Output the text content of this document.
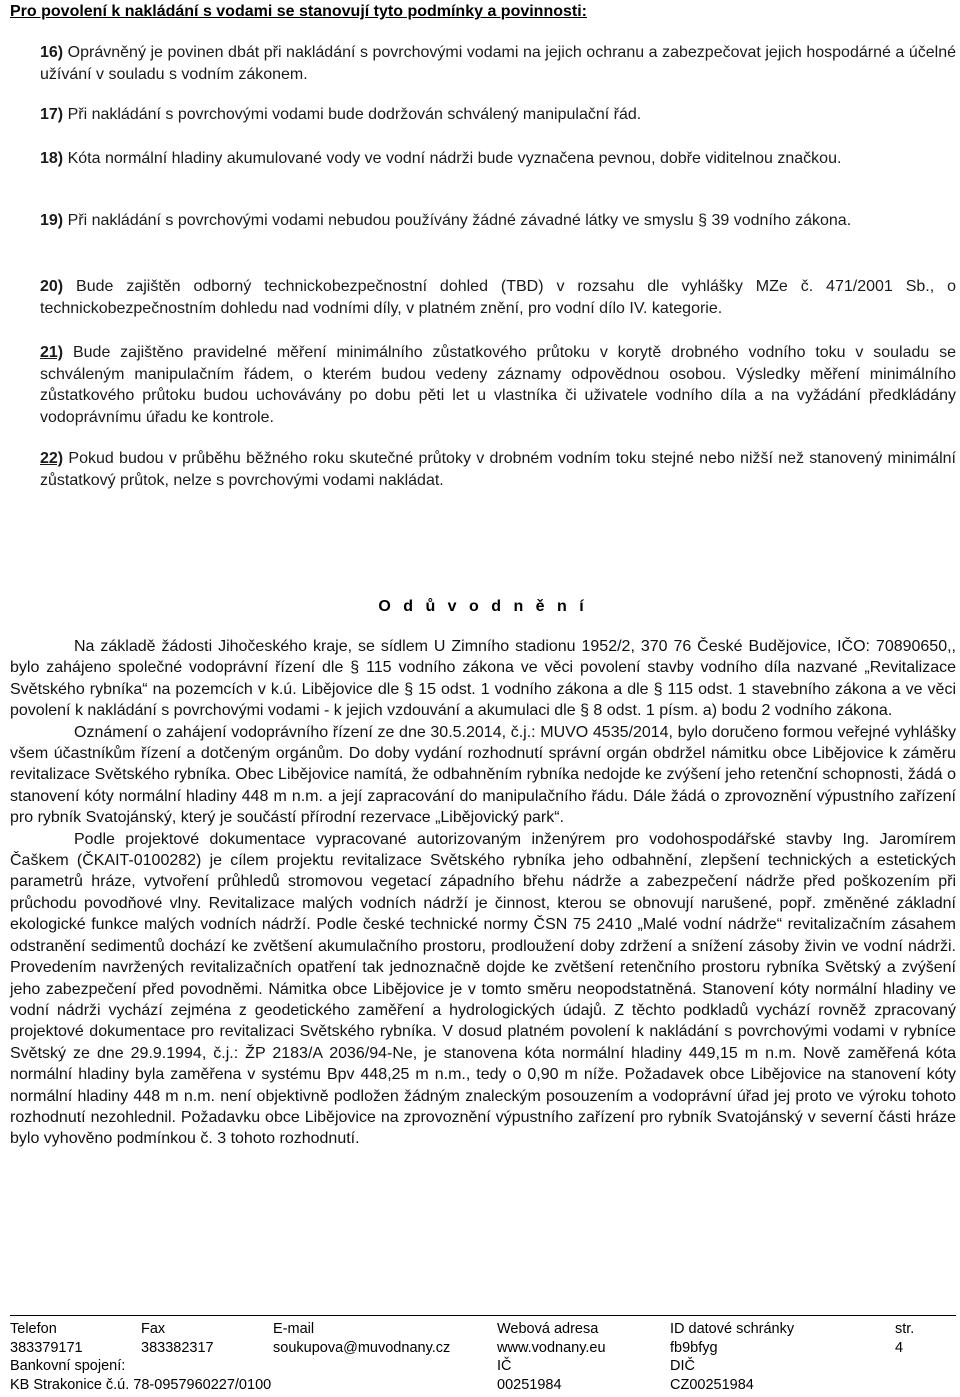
Pro povolení k nakládání s vodami se stanovují tyto podmínky a povinnosti:
16) Oprávněný je povinen dbát při nakládání s povrchovými vodami na jejich ochranu a zabezpečovat jejich hospodárné a účelné užívání v souladu s vodním zákonem.
17) Při nakládání s povrchovými vodami bude dodržován schválený manipulační řád.
18) Kóta normální hladiny akumulované vody ve vodní nádrži bude vyznačena pevnou, dobře viditelnou značkou.
19) Při nakládání s povrchovými vodami nebudou používány žádné závadné látky ve smyslu § 39 vodního zákona.
20) Bude zajištěn odborný technickobezpečnostní dohled (TBD) v rozsahu dle vyhlášky MZe č. 471/2001 Sb., o technickobezpečnostním dohledu nad vodními díly, v platném znění, pro vodní dílo IV. kategorie.
21) Bude zajištěno pravidelné měření minimálního zůstatkového průtoku v korytě drobného vodního toku v souladu se schváleným manipulačním řádem, o kterém budou vedeny záznamy odpovědnou osobou. Výsledky měření minimálního zůstatkového průtoku budou uchovávány po dobu pěti let u vlastníka či uživatele vodního díla a na vyžádání předkládány vodoprávnímu úřadu ke kontrole.
22) Pokud budou v průběhu běžného roku skutečné průtoky v drobném vodním toku stejné nebo nižší než stanovený minimální zůstatkový průtok, nelze s povrchovými vodami nakládat.
O d ů v o d n ě n í

Na základě žádosti Jihočeského kraje, se sídlem U Zimního stadionu 1952/2, 370 76 České Budějovice, IČO: 70890650,, bylo zahájeno společné vodoprávní řízení dle § 115 vodního zákona ve věci povolení stavby vodního díla nazvané „Revitalizace Světského rybníka“ na pozemcích v k.ú. Liběјovice dle § 15 odst. 1 vodního zákona a dle § 115 odst. 1 stavebního zákona a ve věci povolení k nakládání s povrchovými vodami - k jejich vzdouvání a akumulaci dle § 8 odst. 1 písm. a) bodu 2 vodního zákona.

Oznámení o zahájení vodoprávního řízení ze dne 30.5.2014, č.j.: MUVO 4535/2014, bylo doručeno formou veřejné vyhlášky všem účastníkům řízení a dotčeným orgánům. Do doby vydání rozhodnutí správní orgán obdržel námitku obce Liběјovice k záměru revitalizace Světského rybníka. Obec Liběјovice namítá, že odbahněním rybníka nedojde ke zvýšení jeho retenční schopnosti, žádá o stanovení kóty normální hladiny 448 m n.m. a její zapracování do manipulačního řádu. Dále žádá o zprovoznění výpustního zařízení pro rybník Svatojánský, který je součástí přírodní rezervace „Liběјovický park“.

Podle projektové dokumentace vypracované autorizovaným inženýrem pro vodohospodářské stavby Ing. Jaromírem Čaškem (ČKAIT-0100282) je cílem projektu revitalizace Světského rybníka jeho odbahnění, zlepšení technických a estetických parametrů hráze, vytvoření průhledů stromovou vegetací západního břehu nádrže a zabezpečení nádrže před poškozením při průchodu povodňové vlny. Revitalizace malých vodních nádrží je činnost, kterou se obnovují narušené, popř. změněné základní ekologické funkce malých vodních nádrží. Podle české technické normy ČSN 75 2410 „Malé vodní nádrže“ revitalizačním zásahem odstranění sedimentů dochází ke zvětšení akumulačního prostoru, prodloužení doby zdržení a snížení zásoby živin ve vodní nádrži. Provedením navržených revitalizačních opatření tak jednoznačně dojde ke zvětšení retenčního prostoru rybníka Světský a zvýšení jeho zabezpečení před povodněmi. Námitka obce Liběјovice je v tomto směru neopodstatněná. Stanovení kóty normální hladiny ve vodní nádrži vychází zejména z geodetického zaměření a hydrologických údajů. Z těchto podkladů vychází rovněž zpracovaný projektové dokumentace pro revitalizaci Světského rybníka. V dosud platném povolení k nakládání s povrchovými vodami v rybníce Světský ze dne 29.9.1994, č.j.: ŽP 2183/A 2036/94-Ne, je stanovena kóta normální hladiny 449,15 m n.m. Nově zaměřená kóta normální hladiny byla zaměřena v systému Bpv 448,25 m n.m., tedy o 0,90 m níže. Požadavek obce Liběјovice na stanovení kóty normální hladiny 448 m n.m. není objektivně podložen žádným znaleckým posouzením a vodoprávní úřad jej proto ve výroku tohoto rozhodnutí nezohlednil. Požadavku obce Liběјovice na zprovoznění výpustního zařízení pro rybník Svatojánský v severní části hráze bylo vyhověno podmínkou č. 3 tohoto rozhodnutí.

Telefon	Fax	E-mail	Webová adresa	ID datové schránky	str.
383379171	383382317	soukupova@muvodnany.cz	www.vodnany.eu	fb9bfyg	4
Bankovní spojení:	IČ	DIČ
KB Strakonice č.ú. 78-0957960227/0100	00251984	CZ00251984
